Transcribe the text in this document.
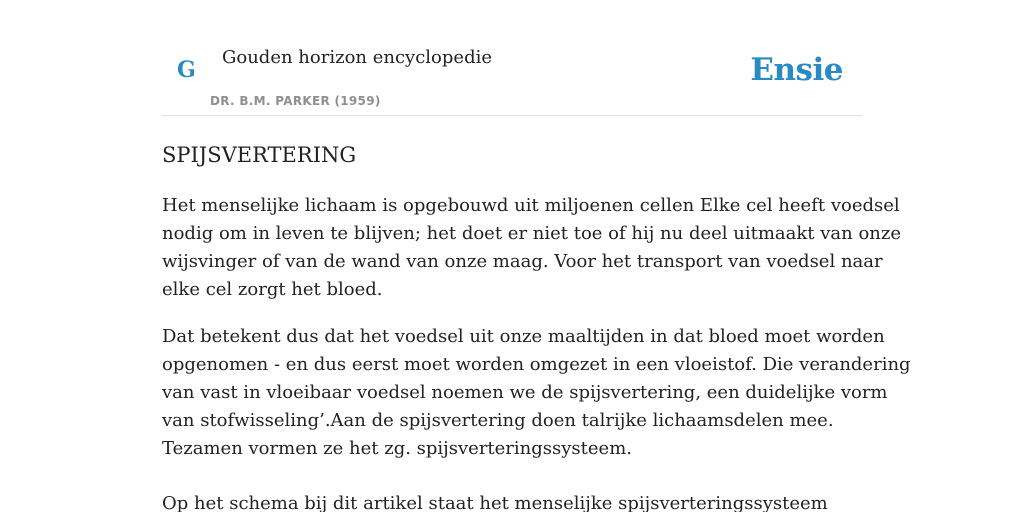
G Gouden horizon encyclopedie
DR. B.M. PARKER (1959)
Ensie
SPIJSVERTERING

Het menselijke lichaam is opgebouwd uit miljoenen cellen Elke cel heeft voedsel
nodig om in leven te blijven; het doet er niet toe of hij nu deel uitmaakt van onze
wijsvinger of van de wand van onze maag. Voor het transport van voedsel naar
elke cel zorgt het bloed.

Dat betekent dus dat het voedsel uit onze maaltijden in dat bloed moet worden
opgenomen - en dus eerst moet worden omgezet in een vloeistof. Die verandering
van vast in vloeibaar voedsel noemen we de spijsvertering, een duidelijke vorm
van stofwisseling’.Aan de spijsvertering doen talrijke lichaamsdelen mee.
Tezamen vormen ze het zg. spijsverteringssysteem.

Op het schema bij dit artikel staat het menselijke spijsverteringssysteem
